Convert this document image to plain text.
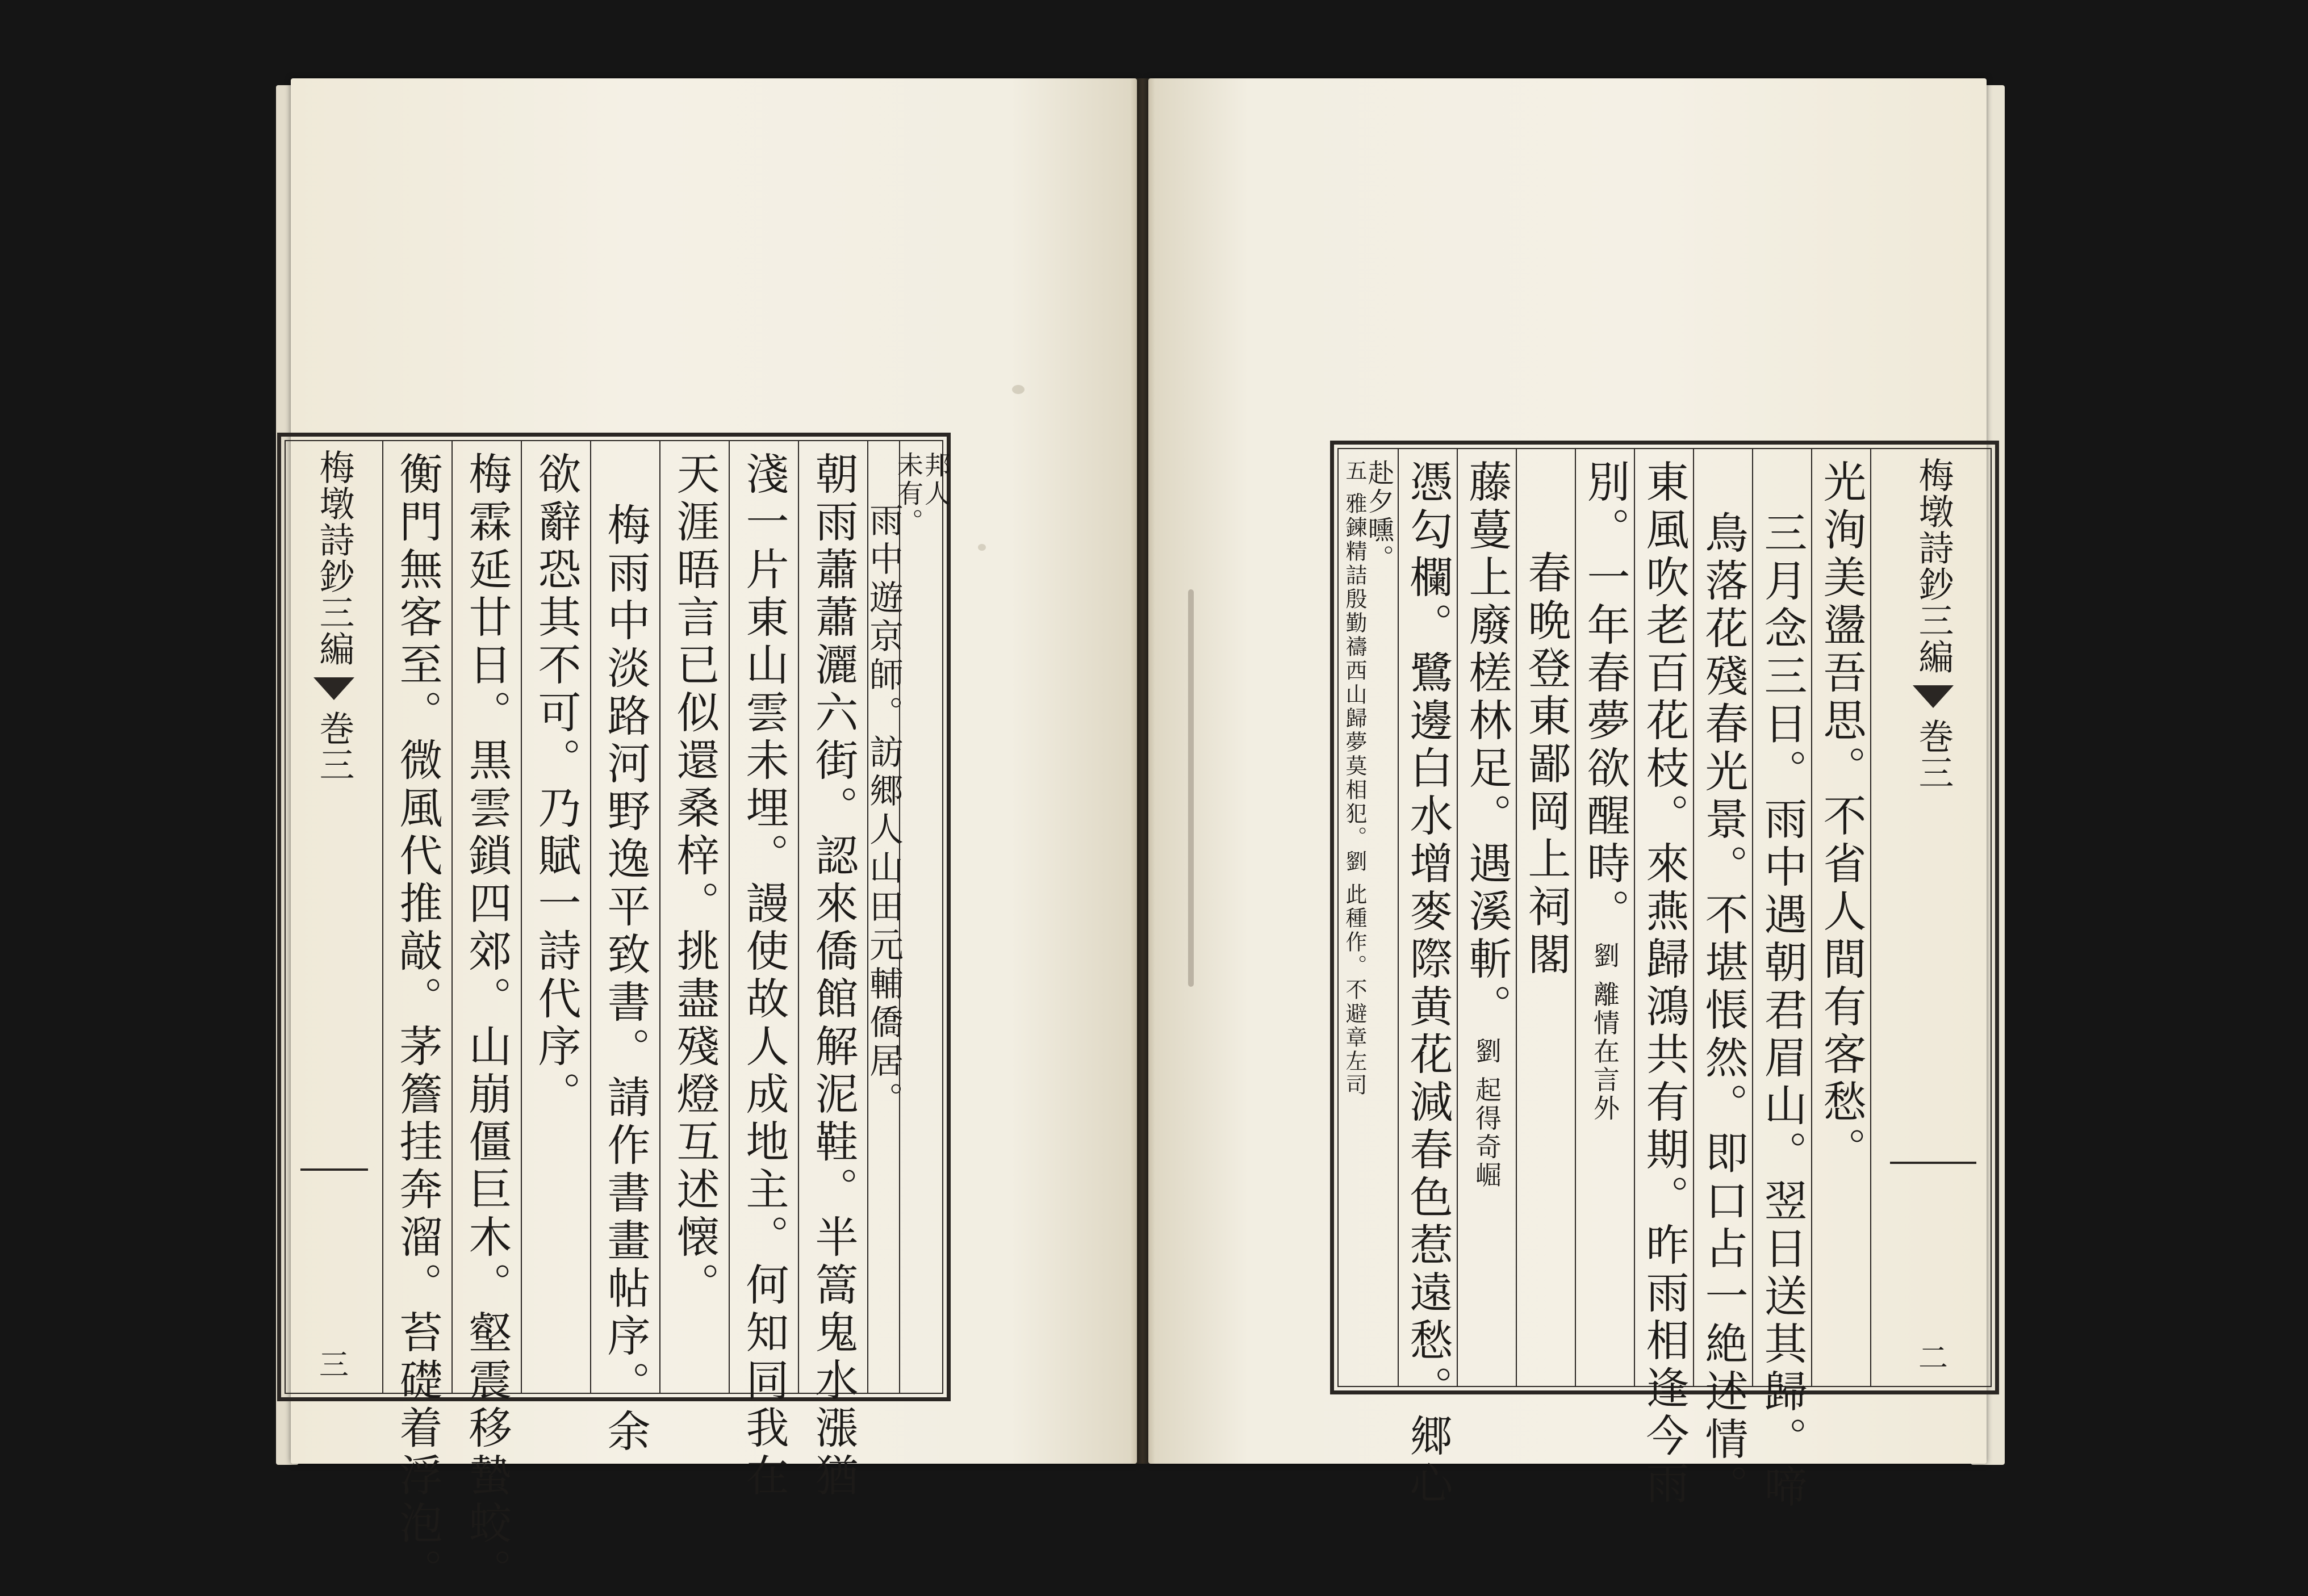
梅墩詩鈔三編
巻三
三 衡門無客至。微風代推敲。茅簷挂奔溜。苔礎着浮泡。 梅霖延廿日。黒雲鎖四郊。山崩僵巨木。壑震移蟄蛟。 欲辭恐其不可。乃賦一詩代序。 梅雨中淡路河野逸平致書。請作書畫帖序。余 天涯晤言已似還桑梓。挑盡殘燈互述懐。 淺一片東山雲未埋。謾使故人成地主。何知同我在 朝雨蕭蕭灑六街。認來僑館解泥鞋。半篙鬼水漲猶 雨中遊京師。訪郷人山田元輔僑居。
邦人
未有。	赴夕曛。
五 雅鍊精詰殷勤禱西山歸夢莫相犯。劉 此種作。不避章左司 憑勾欄。鷺邊白水增麥際黄花減春色惹遠愁。郷心 藤蔓上廢槎林足。遇溪斬。
劉 起得奇崛
春晩登東鄙岡上祠閣 別。一年春夢欲醒時。
劉 離情在言外 東風吹老百花枝。來燕歸鴻共有期。昨雨相逢今雨 鳥落花殘春光景。不堪悵然。即口占一絶述情。 三月念三日。雨中遇朝君眉山。翌日送其歸。啼 光洵美盪吾思。不省人間有客愁。 梅墩詩鈔三編
巻三
二
